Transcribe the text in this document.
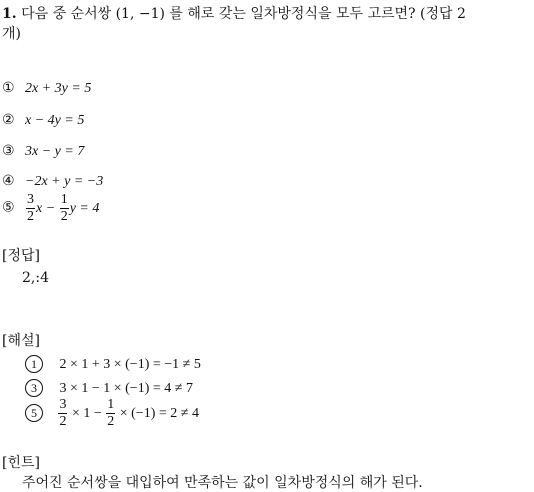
1. 다음 중 순서쌍 (1, −1) 를 해로 갖는 일차방정식을 모두 고르면? (정답 2
개)
① 2x + 3y = 5
② x − 4y = 5
③ 3x − y = 7
④ −2x + y = −3
⑤ $\frac{3}{2}$ $x - \frac{1}{2}$ y = 4
[정답]
2,:4
[해설]
1 2 × 1 + 3 × (−1) = −1 ≠ 5
3 3 × 1 − 1 × (−1) = 4 ≠ 7
$5 \frac{3}{2} \times 1 - \frac{1}{2} \times (-1) = 2 \ne 4$
[힌트]
주어진 순서쌍을 대입하여 만족하는 값이 일차방정식의 해가 된다.
